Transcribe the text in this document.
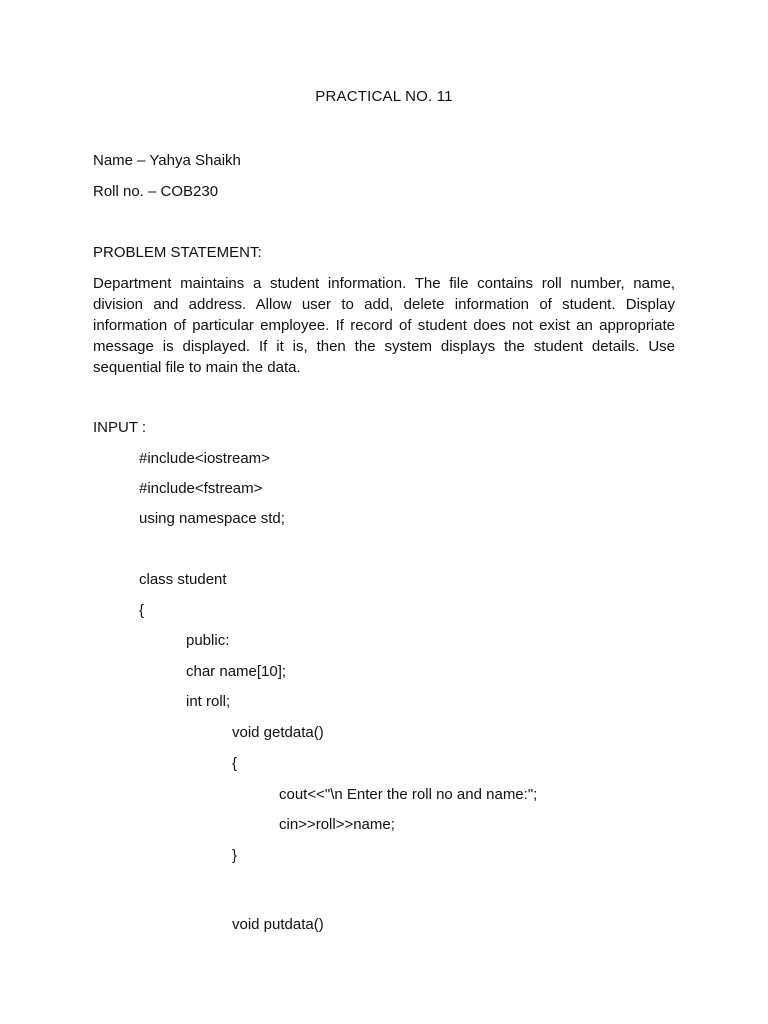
PRACTICAL NO. 11
Name – Yahya Shaikh
Roll no. – COB230
PROBLEM STATEMENT:
Department maintains a student information. The file contains roll number, name, division and address. Allow user to add, delete information of student. Display information of particular employee. If record of student does not exist an appropriate message is displayed. If it is, then the system displays the student details. Use sequential file to main the data.
INPUT :
#include<iostream>
#include<fstream>
using namespace std;
class student
{
public:
char name[10];
int roll;
void getdata()
{
cout<<"\n Enter the roll no and name:";
cin>>roll>>name;
}
void putdata()
